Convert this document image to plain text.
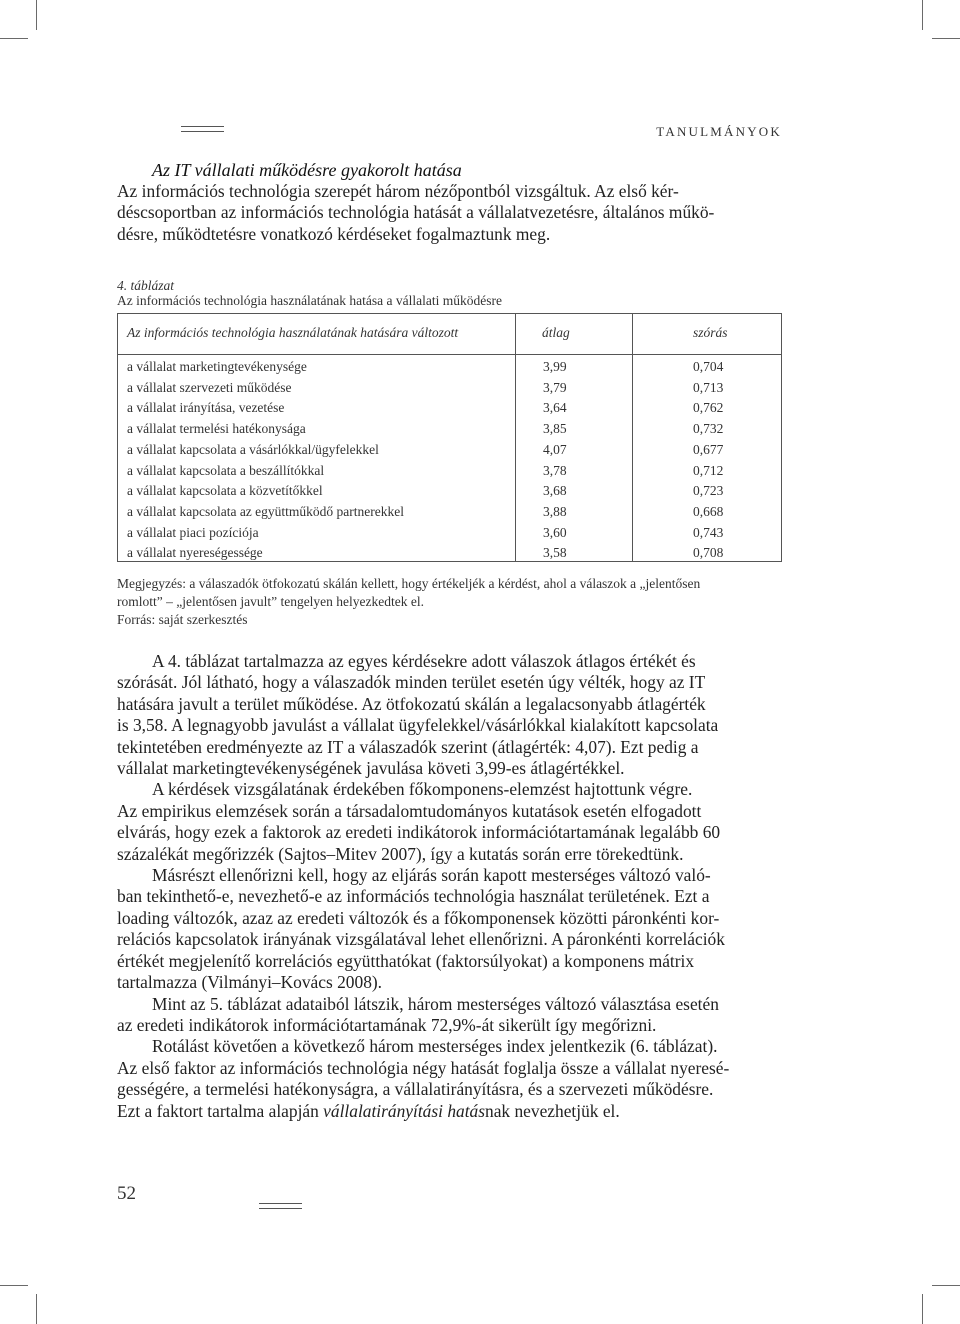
TANULMÁNYOK
Az IT vállalati működésre gyakorolt hatása
Az információs technológia szerepét három nézőpontból vizsgáltuk. Az első kér-
déscsoportban az információs technológia hatását a vállalatvezetésre, általános műkö-
désre, működtetésre vonatkozó kérdéseket fogalmaztunk meg.
4. táblázat
Az információs technológia használatának hatása a vállalati működésre
Az információs technológia használatának hatására változott	átlag	szórás
a vállalat marketingtevékenysége	3,99	0,704
a vállalat szervezeti működése	3,79	0,713
a vállalat irányítása, vezetése	3,64	0,762
a vállalat termelési hatékonysága	3,85	0,732
a vállalat kapcsolata a vásárlókkal/ügyfelekkel	4,07	0,677
a vállalat kapcsolata a beszállítókkal	3,78	0,712
a vállalat kapcsolata a közvetítőkkel	3,68	0,723
a vállalat kapcsolata az együttműködő partnerekkel	3,88	0,668
a vállalat piaci pozíciója	3,60	0,743
a vállalat nyereségessége	3,58	0,708
Megjegyzés: a válaszadók ötfokozatú skálán kellett, hogy értékeljék a kérdést, ahol a válaszok a „jelentősen
romlott” – „jelentősen javult” tengelyen helyezkedtek el.
Forrás: saját szerkesztés
A 4. táblázat tartalmazza az egyes kérdésekre adott válaszok átlagos értékét és
szórását. Jól látható, hogy a válaszadók minden terület esetén úgy vélték, hogy az IT
hatására javult a terület működése. Az ötfokozatú skálán a legalacsonyabb átlagérték
is 3,58. A legnagyobb javulást a vállalat ügyfelekkel/vásárlókkal kialakított kapcsolata
tekintetében eredményezte az IT a válaszadók szerint (átlagérték: 4,07). Ezt pedig a
vállalat marketingtevékenységének javulása követi 3,99-es átlagértékkel.
A kérdések vizsgálatának érdekében főkomponens-elemzést hajtottunk végre.
Az empirikus elemzések során a társadalomtudományos kutatások esetén elfogadott
elvárás, hogy ezek a faktorok az eredeti indikátorok információtartamának legalább 60
százalékát megőrizzék (Sajtos–Mitev 2007), így a kutatás során erre törekedtünk.
Másrészt ellenőrizni kell, hogy az eljárás során kapott mesterséges változó való-
ban tekinthető-e, nevezhető-e az információs technológia használat területének. Ezt a
loading változók, azaz az eredeti változók és a főkomponensek közötti páronkénti kor-
relációs kapcsolatok irányának vizsgálatával lehet ellenőrizni. A páronkénti korrelációk
értékét megjelenítő korrelációs együtthatókat (faktorsúlyokat) a komponens mátrix
tartalmazza (Vilmányi–Kovács 2008).
Mint az 5. táblázat adataiból látszik, három mesterséges változó választása esetén
az eredeti indikátorok információtartamának 72,9%-át sikerült így megőrizni.
Rotálást követően a következő három mesterséges index jelentkezik (6. táblázat).
Az első faktor az információs technológia négy hatását foglalja össze a vállalat nyeresé-
gességére, a termelési hatékonyságra, a vállalatirányításra, és a szervezeti működésre.
Ezt a faktort tartalma alapján vállalatirányítási hatásnak nevezhetjük el.
52
